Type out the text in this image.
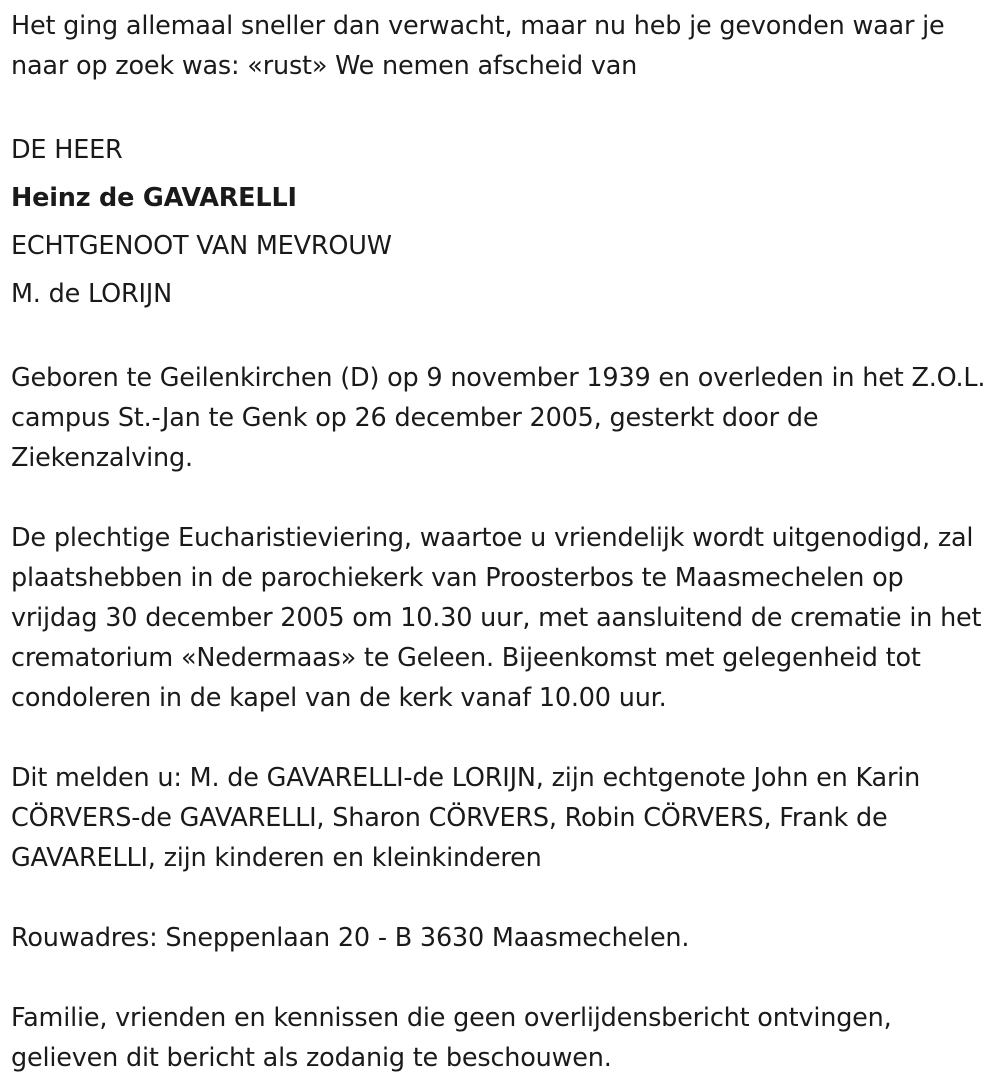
Het ging allemaal sneller dan verwacht, maar nu heb je gevonden waar je naar op zoek was: «rust» We nemen afscheid van

DE HEER
Heinz de GAVARELLI
ECHTGENOOT VAN MEVROUW
M. de LORIJN

Geboren te Geilenkirchen (D) op 9 november 1939 en overleden in het Z.O.L. campus St.-Jan te Genk op 26 december 2005, gesterkt door de Ziekenzalving.

De plechtige Eucharistieviering, waartoe u vriendelijk wordt uitgenodigd, zal plaatshebben in de parochiekerk van Proosterbos te Maasmechelen op vrijdag 30 december 2005 om 10.30 uur, met aansluitend de crematie in het crematorium «Nedermaas» te Geleen. Bijeenkomst met gelegenheid tot condoleren in de kapel van de kerk vanaf 10.00 uur.

Dit melden u: M. de GAVARELLI-de LORIJN, zijn echtgenote John en Karin CÖRVERS-de GAVARELLI, Sharon CÖRVERS, Robin CÖRVERS, Frank de GAVARELLI, zijn kinderen en kleinkinderen

Rouwadres: Sneppenlaan 20 - B 3630 Maasmechelen.

Familie, vrienden en kennissen die geen overlijdensbericht ontvingen, gelieven dit bericht als zodanig te beschouwen.
